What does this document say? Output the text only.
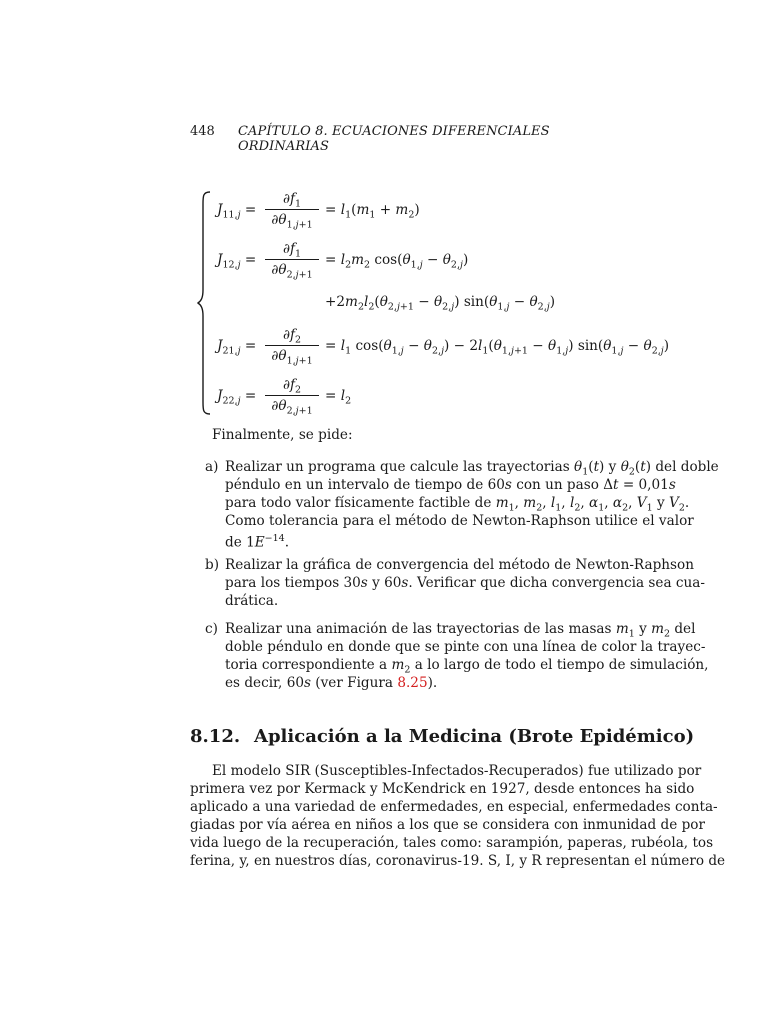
448 CAPÍTULO 8. ECUACIONES DIFERENCIALES ORDINARIAS
$J_{11,j}$ =
$\partial f_1$
$\partial\theta_{1,j+1}$
= $l_1(m_1 + m_2)$
$J_{12,j}$ =
$\partial f_1$
$\partial\theta_{2,j+1}$
= $l_2m_2$ $\cos(\theta_{1,j} - \theta_{2,j})$
$+2m_2l_2(\theta_{2,j+1} - \theta_{2,j}) \sin(\theta_{1,j} - \theta_{2,j})$
$J_{21,j}$ =
$\partial f_2$
$\partial\theta_{1,j+1}$
= $l_1$ $\cos(\theta_{1,j} - \theta_{2,j}) - 2l_1(\theta_{1,j+1} - \theta_{1,j}) \sin(\theta_{1,j} - \theta_{2,j})$
$J_{22,j}$ =
$\partial f_2$
$\partial\theta_{2,j+1}$
= $l_2$
Finalmente, se pide:
a) Realizar un programa que calcule las trayectorias $\theta_1(t)$ y $\theta_2(t)$ del doble
péndulo en un intervalo de tiempo de 60s con un paso Δt = 0,01s
para todo valor físicamente factible de $m_1$, $m_2$, $l_1$, $l_2$, $\alpha_1$, $\alpha_2$, $V_1$ y $V_2$.
Como tolerancia para el método de Newton-Raphson utilice el valor
de $1E^{-14}$.
b) Realizar la gráfica de convergencia del método de Newton-Raphson
para los tiempos 30s y 60s. Verificar que dicha convergencia sea cua-
drática.
c) Realizar una animación de las trayectorias de las masas $m_1$ y $m_2$ del
doble péndulo en donde que se pinte con una línea de color la trayec-
toria correspondiente a $m_2$ a lo largo de todo el tiempo de simulación,
es decir, 60s (ver Figura 8.25).
8.12. Aplicación a la Medicina (Brote Epidémico)
El modelo SIR (Susceptibles-Infectados-Recuperados) fue utilizado por
primera vez por Kermack y McKendrick en 1927, desde entonces ha sido
aplicado a una variedad de enfermedades, en especial, enfermedades conta-
giadas por vía aérea en niños a los que se considera con inmunidad de por
vida luego de la recuperación, tales como: sarampión, paperas, rubéola, tos
ferina, y, en nuestros días, coronavirus-19. S, I, y R representan el número de
